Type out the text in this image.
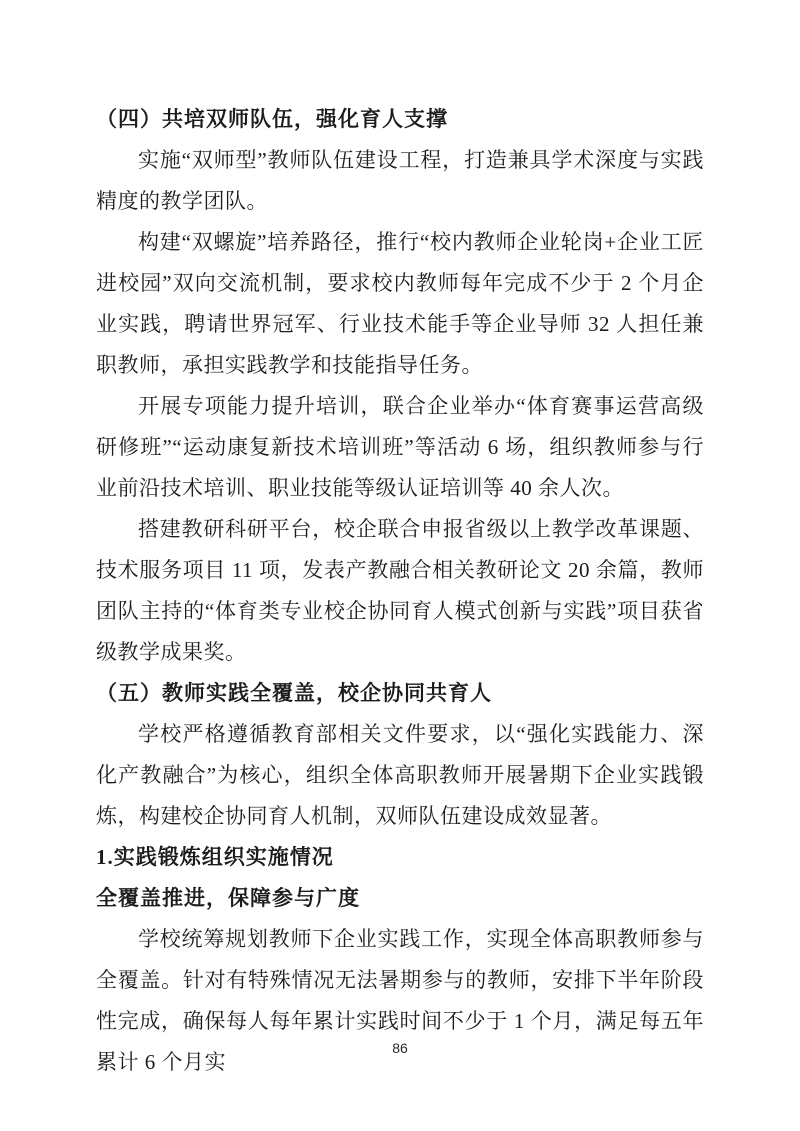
（四）共培双师队伍，强化育人支撑

实施“双师型”教师队伍建设工程，打造兼具学术深度与实践精度的教学团队。

构建“双螺旋”培养路径，推行“校内教师企业轮岗+企业工匠进校园”双向交流机制，要求校内教师每年完成不少于 2 个月企业实践，聘请世界冠军、行业技术能手等企业导师 32 人担任兼职教师，承担实践教学和技能指导任务。

开展专项能力提升培训，联合企业举办“体育赛事运营高级研修班”“运动康复新技术培训班”等活动 6 场，组织教师参与行业前沿技术培训、职业技能等级认证培训等 40 余人次。

搭建教研科研平台，校企联合申报省级以上教学改革课题、技术服务项目 11 项，发表产教融合相关教研论文 20 余篇，教师团队主持的“体育类专业校企协同育人模式创新与实践”项目获省级教学成果奖。

（五）教师实践全覆盖，校企协同共育人

学校严格遵循教育部相关文件要求，以“强化实践能力、深化产教融合”为核心，组织全体高职教师开展暑期下企业实践锻炼，构建校企协同育人机制，双师队伍建设成效显著。

1.实践锻炼组织实施情况

全覆盖推进，保障参与广度

学校统筹规划教师下企业实践工作，实现全体高职教师参与全覆盖。针对有特殊情况无法暑期参与的教师，安排下半年阶段性完成，确保每人每年累计实践时间不少于 1 个月，满足每五年累计 6 个月实

86
